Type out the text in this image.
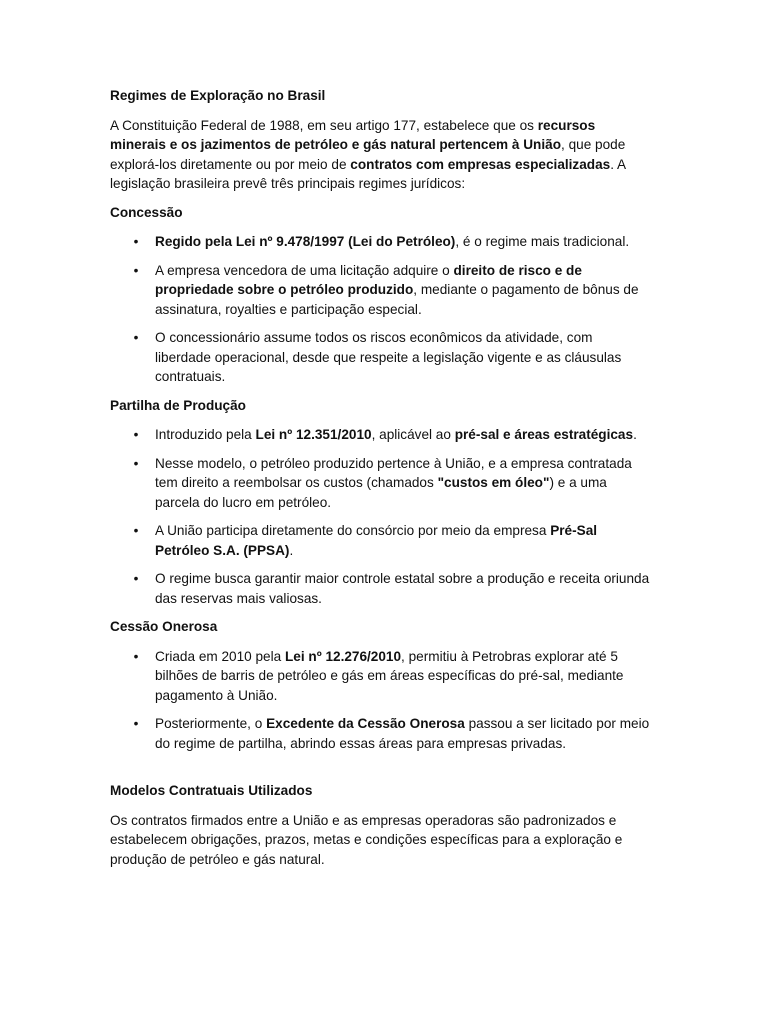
Regimes de Exploração no Brasil

A Constituição Federal de 1988, em seu artigo 177, estabelece que os recursos minerais e os jazimentos de petróleo e gás natural pertencem à União, que pode explorá-los diretamente ou por meio de contratos com empresas especializadas. A legislação brasileira prevê três principais regimes jurídicos:

Concessão

• Regido pela Lei nº 9.478/1997 (Lei do Petróleo), é o regime mais tradicional.
• A empresa vencedora de uma licitação adquire o direito de risco e de propriedade sobre o petróleo produzido, mediante o pagamento de bônus de assinatura, royalties e participação especial.
• O concessionário assume todos os riscos econômicos da atividade, com liberdade operacional, desde que respeite a legislação vigente e as cláusulas contratuais.

Partilha de Produção

• Introduzido pela Lei nº 12.351/2010, aplicável ao pré-sal e áreas estratégicas.
• Nesse modelo, o petróleo produzido pertence à União, e a empresa contratada tem direito a reembolsar os custos (chamados "custos em óleo") e a uma parcela do lucro em petróleo.
• A União participa diretamente do consórcio por meio da empresa Pré-Sal Petróleo S.A. (PPSA).
• O regime busca garantir maior controle estatal sobre a produção e receita oriunda das reservas mais valiosas.

Cessão Onerosa

• Criada em 2010 pela Lei nº 12.276/2010, permitiu à Petrobras explorar até 5 bilhões de barris de petróleo e gás em áreas específicas do pré-sal, mediante pagamento à União.
• Posteriormente, o Excedente da Cessão Onerosa passou a ser licitado por meio do regime de partilha, abrindo essas áreas para empresas privadas.

Modelos Contratuais Utilizados

Os contratos firmados entre a União e as empresas operadoras são padronizados e estabelecem obrigações, prazos, metas e condições específicas para a exploração e produção de petróleo e gás natural.
